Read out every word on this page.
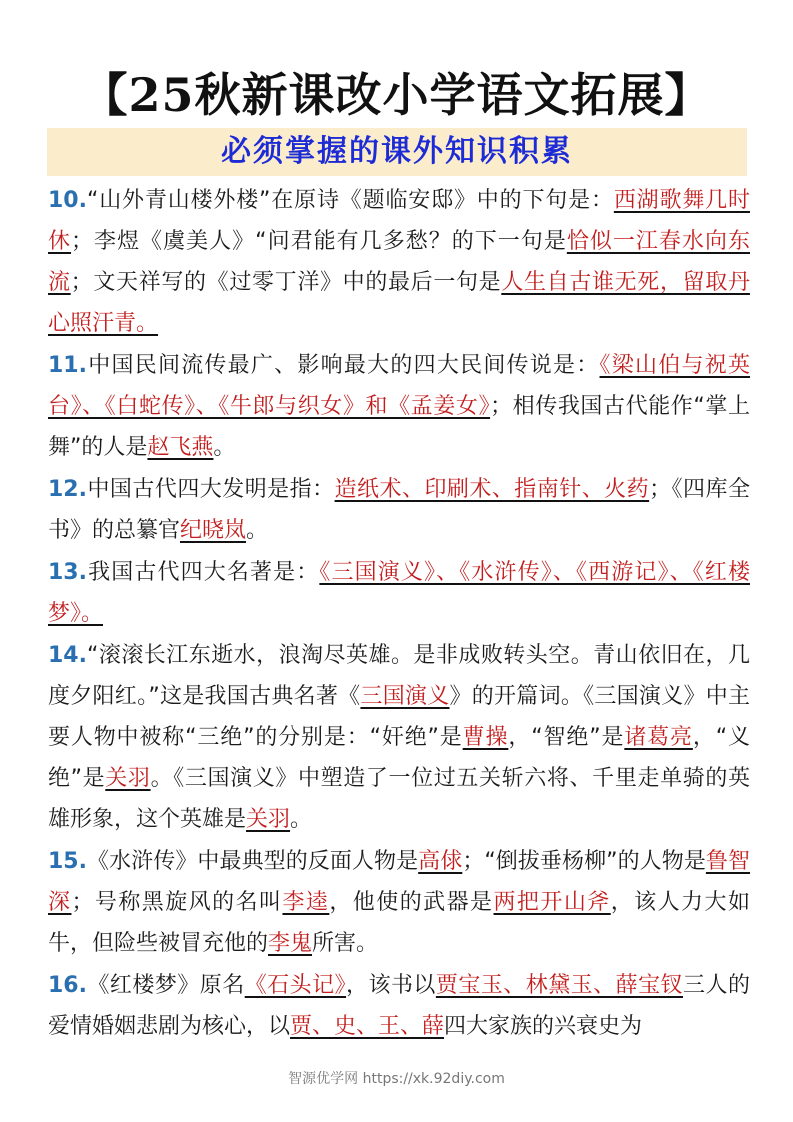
【25秋新课改小学语文拓展】
必须掌握的课外知识积累

10.“山外青山楼外楼”在原诗《题临安邸》中的下句是：西湖歌舞几时休；李煜《虞美人》“问君能有几多愁？的下一句是恰似一江春水向东流；文天祥写的《过零丁洋》中的最后一句是人生自古谁无死，留取丹心照汗青。

11.中国民间流传最广、影响最大的四大民间传说是：《梁山伯与祝英台》、《白蛇传》、《牛郎与织女》和《孟姜女》；相传我国古代能作“掌上舞”的人是赵飞燕。

12.中国古代四大发明是指：造纸术、印刷术、指南针、火药；《四库全书》的总纂官纪晓岚。

13.我国古代四大名著是：《三国演义》、《水浒传》、《西游记》、《红楼梦》。

14.“滚滚长江东逝水，浪淘尽英雄。是非成败转头空。青山依旧在，几度夕阳红。”这是我国古典名著《三国演义》的开篇词。《三国演义》中主要人物中被称“三绝”的分别是：“奸绝”是曹操，“智绝”是诸葛亮，“义绝”是关羽。《三国演义》中塑造了一位过五关斩六将、千里走单骑的英雄形象，这个英雄是关羽。

15.《水浒传》中最典型的反面人物是高俅；“倒拔垂杨柳”的人物是鲁智深；号称黑旋风的名叫李逵，他使的武器是两把开山斧，该人力大如牛，但险些被冒充他的李鬼所害。

16.《红楼梦》原名《石头记》，该书以贾宝玉、林黛玉、薛宝钗三人的爱情婚姻悲剧为核心，以贾、史、王、薛四大家族的兴衰史为

智源优学网 https://xk.92diy.com
